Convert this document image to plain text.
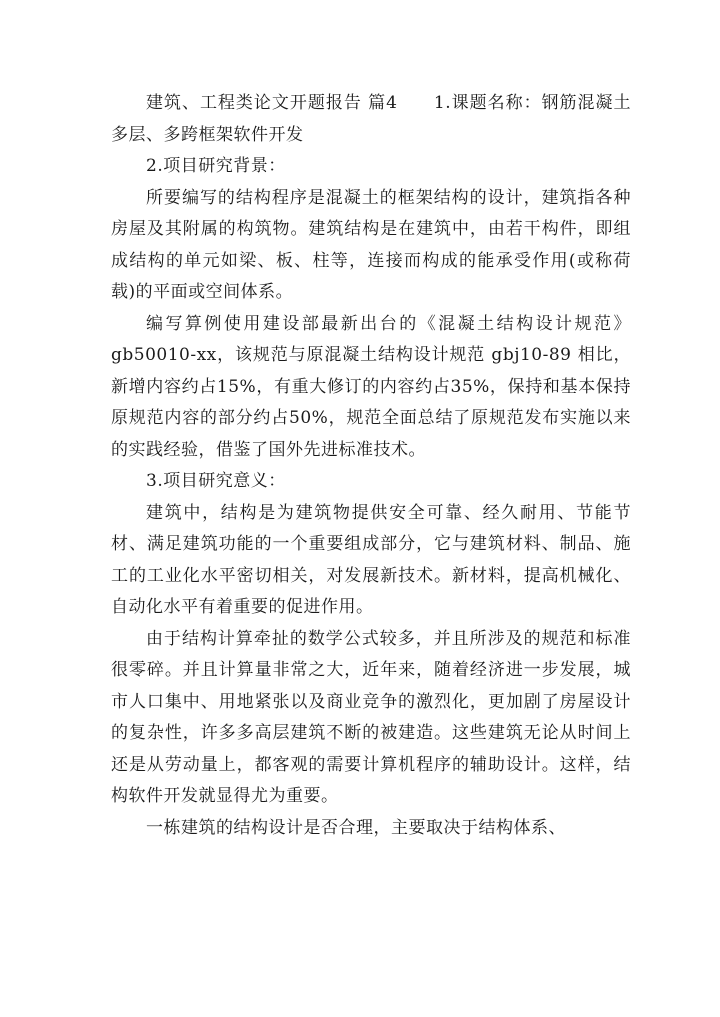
建筑、工程类论文开题报告 篇4　　1.课题名称：钢筋混凝土多层、多跨框架软件开发

2.项目研究背景：

所要编写的结构程序是混凝土的框架结构的设计，建筑指各种房屋及其附属的构筑物。建筑结构是在建筑中，由若干构件，即组成结构的单元如梁、板、柱等，连接而构成的能承受作用(或称荷载)的平面或空间体系。

编写算例使用建设部最新出台的《混凝土结构设计规范》gb50010-xx，该规范与原混凝土结构设计规范 gbj10-89 相比，新增内容约占15%，有重大修订的内容约占35%，保持和基本保持原规范内容的部分约占50%，规范全面总结了原规范发布实施以来的实践经验，借鉴了国外先进标准技术。

3.项目研究意义：

建筑中，结构是为建筑物提供安全可靠、经久耐用、节能节材、满足建筑功能的一个重要组成部分，它与建筑材料、制品、施工的工业化水平密切相关，对发展新技术。新材料，提高机械化、自动化水平有着重要的促进作用。

由于结构计算牵扯的数学公式较多，并且所涉及的规范和标准很零碎。并且计算量非常之大，近年来，随着经济进一步发展，城市人口集中、用地紧张以及商业竞争的激烈化，更加剧了房屋设计的复杂性，许多多高层建筑不断的被建造。这些建筑无论从时间上还是从劳动量上，都客观的需要计算机程序的辅助设计。这样，结构软件开发就显得尤为重要。

一栋建筑的结构设计是否合理，主要取决于结构体系、
